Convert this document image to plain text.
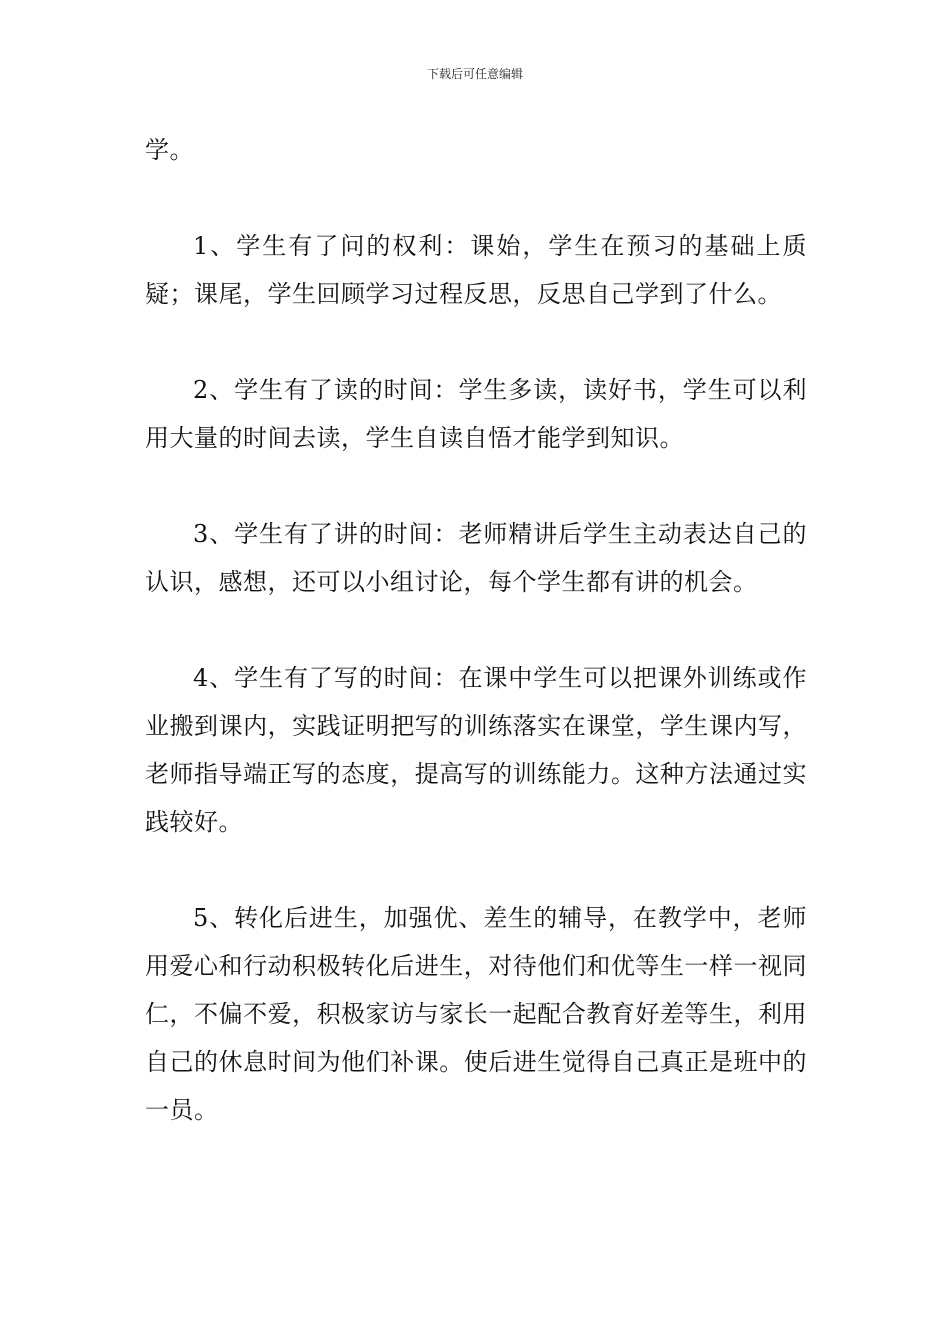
下载后可任意编辑

学。

1、学生有了问的权利：课始，学生在预习的基础上质疑；课尾，学生回顾学习过程反思，反思自己学到了什么。

2、学生有了读的时间：学生多读，读好书，学生可以利用大量的时间去读，学生自读自悟才能学到知识。

3、学生有了讲的时间：老师精讲后学生主动表达自己的认识，感想，还可以小组讨论，每个学生都有讲的机会。

4、学生有了写的时间：在课中学生可以把课外训练或作业搬到课内，实践证明把写的训练落实在课堂，学生课内写，老师指导端正写的态度，提高写的训练能力。这种方法通过实践较好。

5、转化后进生，加强优、差生的辅导，在教学中，老师用爱心和行动积极转化后进生，对待他们和优等生一样一视同仁，不偏不爱，积极家访与家长一起配合教育好差等生，利用自己的休息时间为他们补课。使后进生觉得自己真正是班中的一员。
